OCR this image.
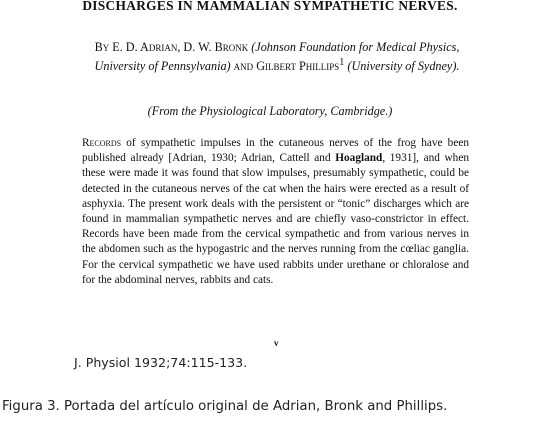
DISCHARGES IN MAMMALIAN SYMPATHETIC NERVES.

By E. D. Adrian, D. W. Bronk (Johnson Foundation for Medical Physics, University of Pennsylvania) and Gilbert Phillips$^1$ (University of Sydney).

(From the Physiological Laboratory, Cambridge.)

Records of sympathetic impulses in the cutaneous nerves of the frog have been published already [Adrian, 1930; Adrian, Cattell and Hoagland, 1931], and when these were made it was found that slow impulses, presumably sympathetic, could be detected in the cutaneous nerves of the cat when the hairs were erected as a result of asphyxia. The present work deals with the persistent or “tonic” discharges which are found in mammalian sympathetic nerves and are chiefly vaso-constrictor in effect. Records have been made from the cervical sympathetic and from various nerves in the abdomen such as the hypogastric and the nerves running from the cœliac ganglia. For the cervical sympathetic we have used rabbits under urethane or chloralose and for the abdominal nerves, rabbits and cats.

v

J. Physiol 1932;74:115-133.

Figura 3. Portada del artículo original de Adrian, Bronk and Phillips.
